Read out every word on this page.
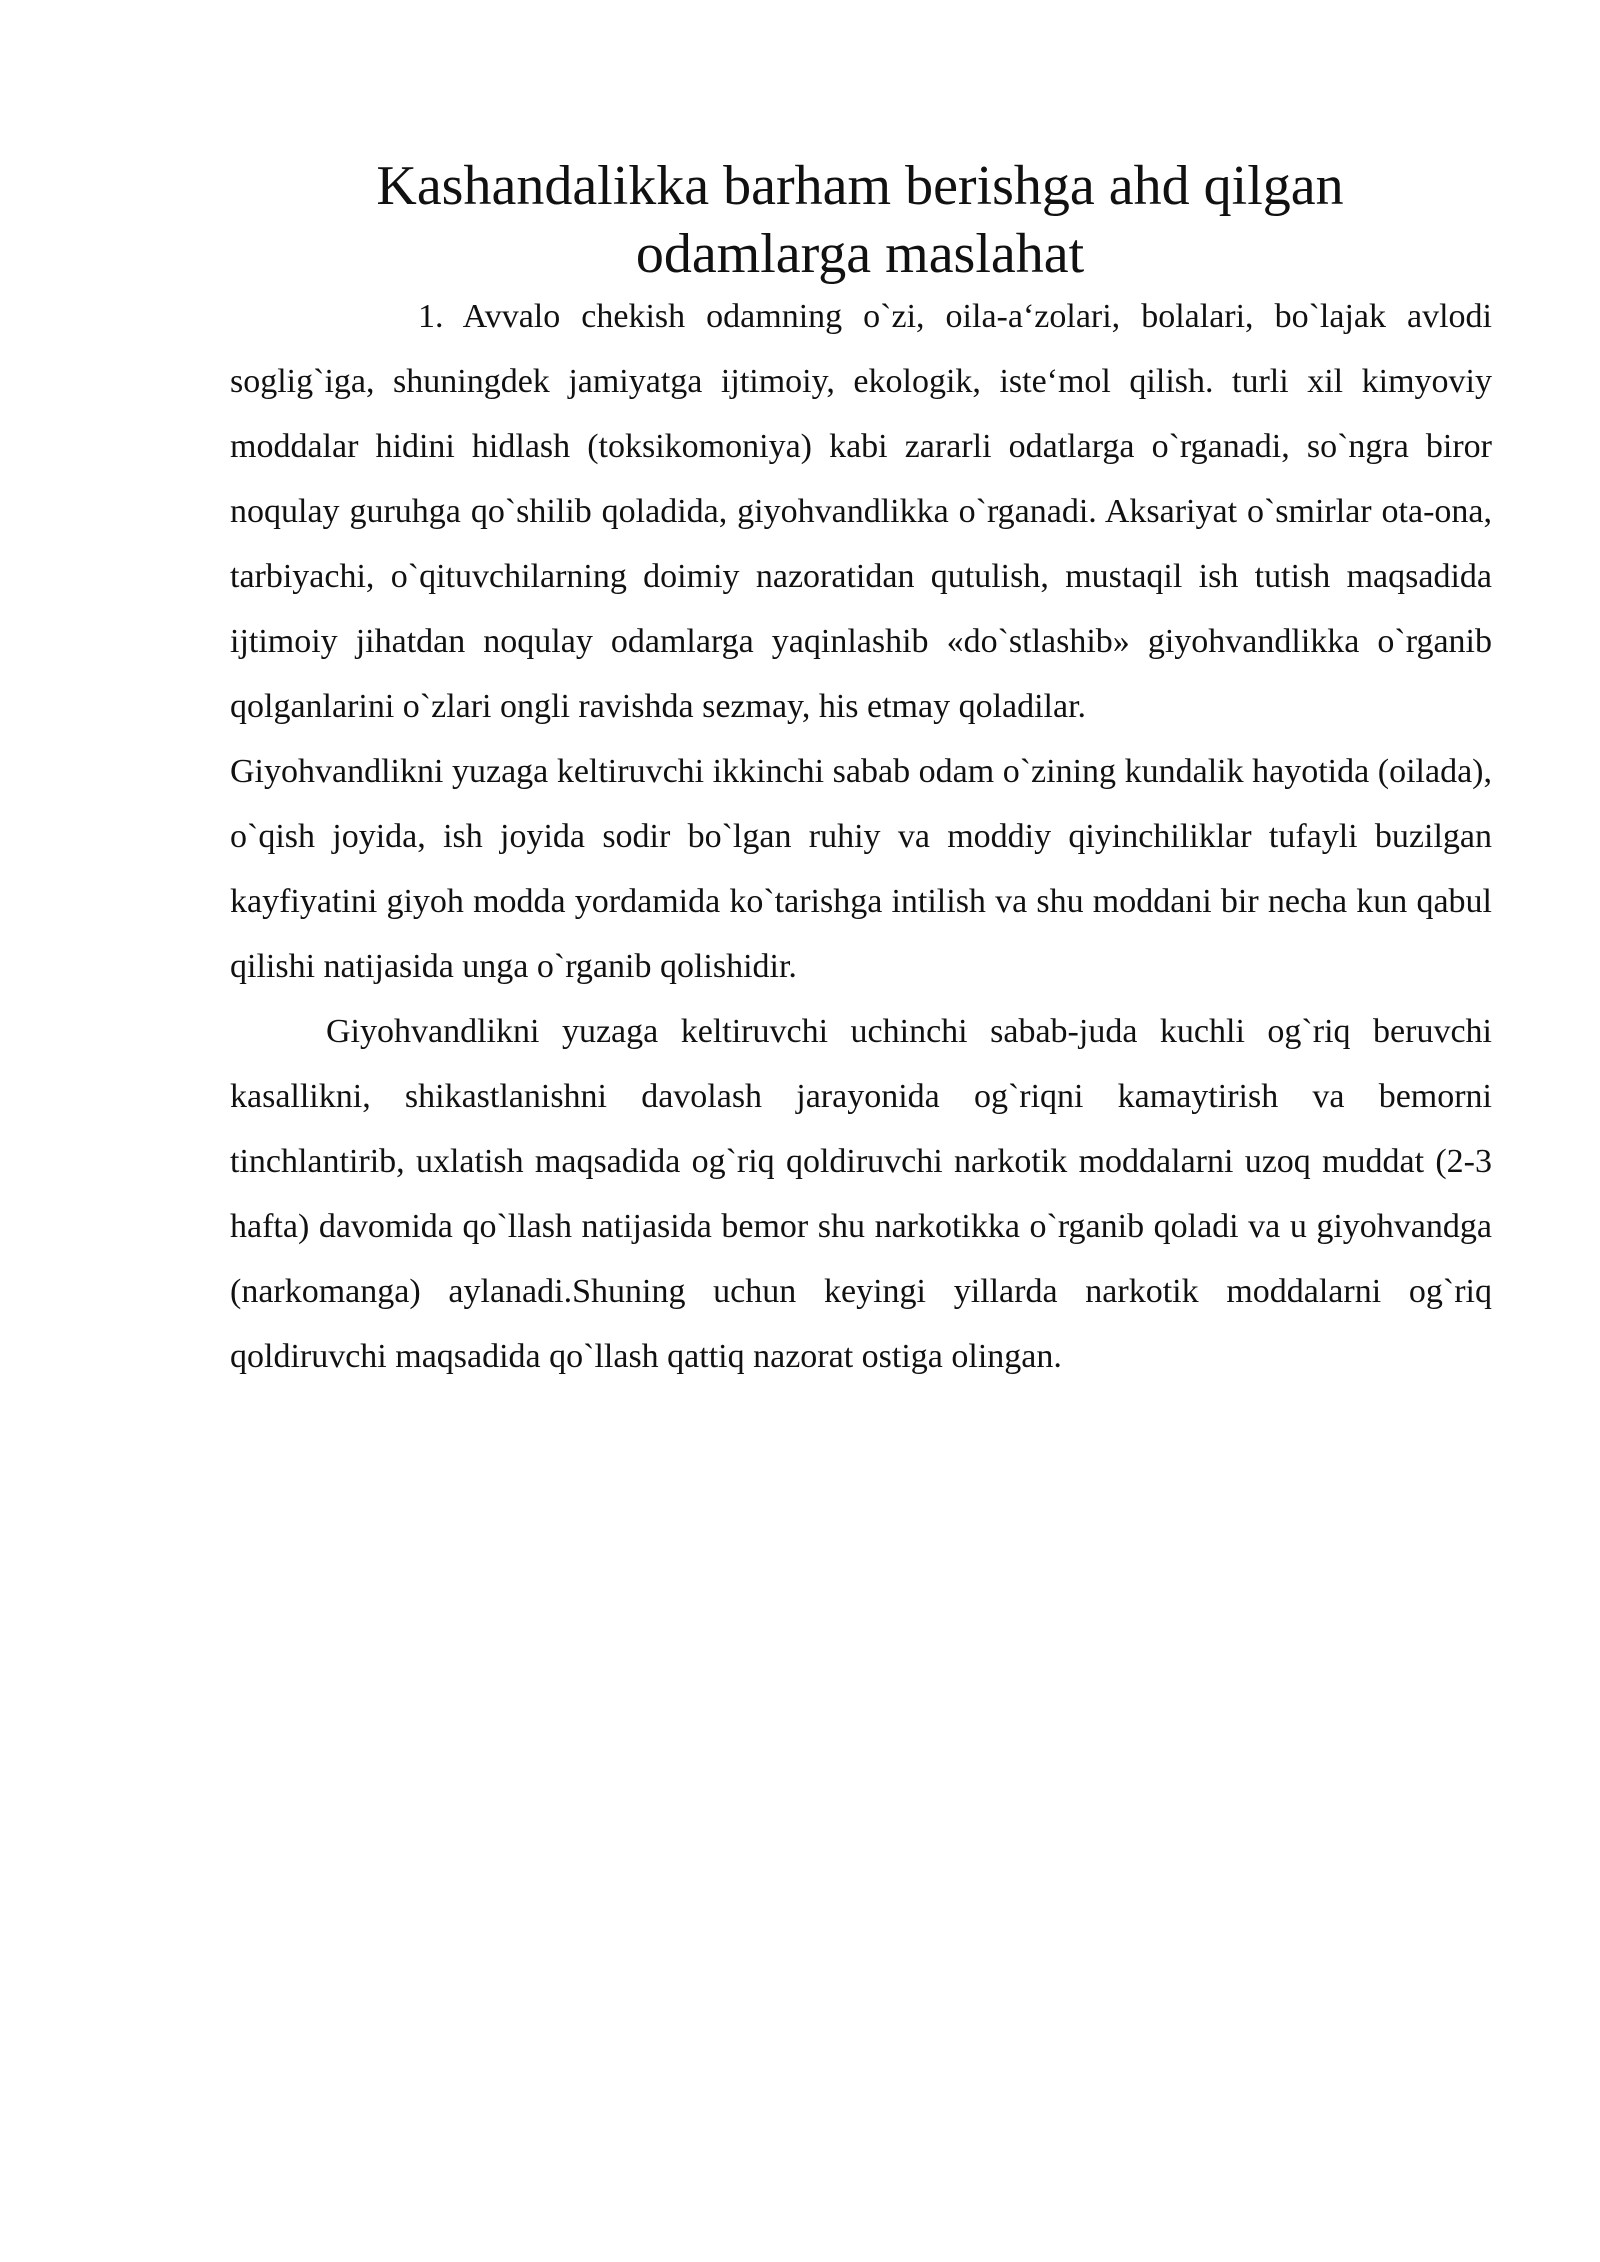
Kashandalikka barham berishga ahd qilgan
odamlarga maslahat

1. Avvalo chekish odamning o`zi, oila-a‘zolari, bolalari, bo`lajak avlodi soglig`iga, shuningdek jamiyatga ijtimoiy, ekologik, iste‘mol qilish. turli xil kimyoviy moddalar hidini hidlash (toksikomoniya) kabi zararli odatlarga o`rganadi, so`ngra biror noqulay guruhga qo`shilib qoladida, giyohvandlikka o`rganadi. Aksariyat o`smirlar ota-ona, tarbiyachi, o`qituvchilarning doimiy nazoratidan qutulish, mustaqil ish tutish maqsadida ijtimoiy jihatdan noqulay odamlarga yaqinlashib «do`stlashib» giyohvandlikka o`rganib qolganlarini o`zlari ongli ravishda sezmay, his etmay qoladilar.

Giyohvandlikni yuzaga keltiruvchi ikkinchi sabab odam o`zining kundalik hayotida (oilada), o`qish joyida, ish joyida sodir bo`lgan ruhiy va moddiy qiyinchiliklar tufayli buzilgan kayfiyatini giyoh modda yordamida ko`tarishga intilish va shu moddani bir necha kun qabul qilishi natijasida unga o`rganib qolishidir.

Giyohvandlikni yuzaga keltiruvchi uchinchi sabab-juda kuchli og`riq beruvchi kasallikni, shikastlanishni davolash jarayonida og`riqni kamaytirish va bemorni tinchlantirib, uxlatish maqsadida og`riq qoldiruvchi narkotik moddalarni uzoq muddat (2-3 hafta) davomida qo`llash natijasida bemor shu narkotikka o`rganib qoladi va u giyohvandga (narkomanga) aylanadi.Shuning uchun keyingi yillarda narkotik moddalarni og`riq qoldiruvchi maqsadida qo`llash qattiq nazorat ostiga olingan.
